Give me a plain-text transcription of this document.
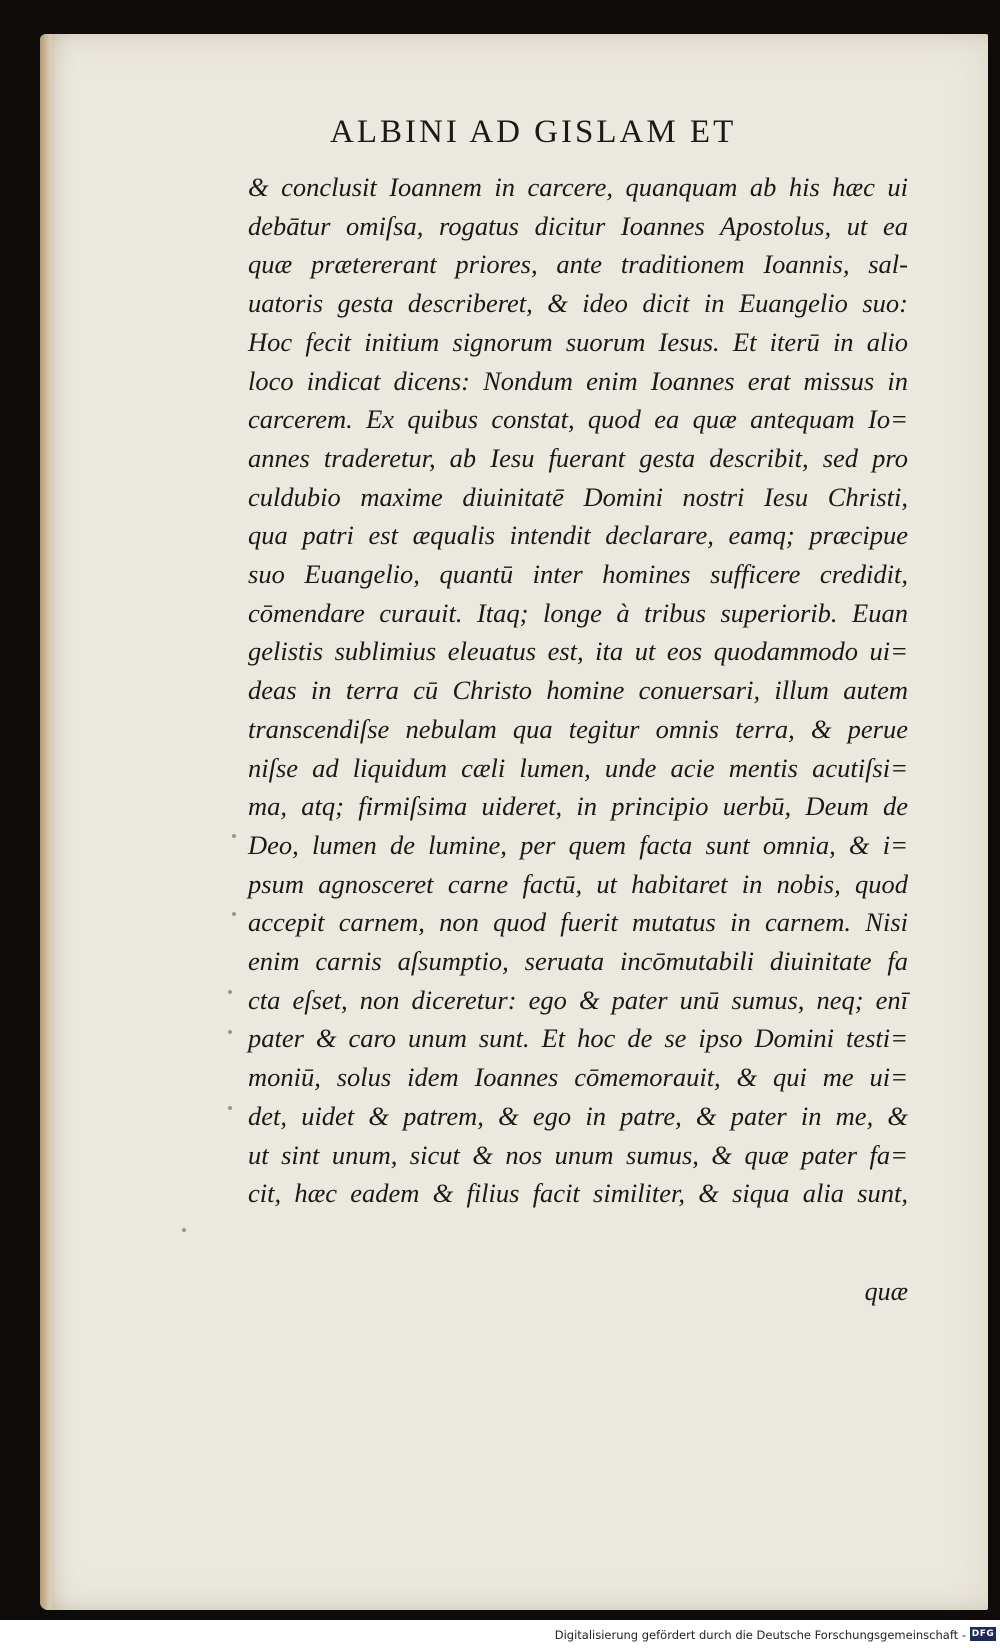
ALBINI AD GISLAM ET
& conclusit Ioannem in carcere, quanquam ab his hæc ui
debātur omiſsa, rogatus dicitur Ioannes Apostolus, ut ea
quæ prætererant priores, ante traditionem Ioannis, sal-
uatoris gesta describeret, & ideo dicit in Euangelio suo:
Hoc fecit initium signorum suorum Iesus. Et iterū in alio
loco indicat dicens: Nondum enim Ioannes erat missus in
carcerem. Ex quibus constat, quod ea quæ antequam Io=
annes traderetur, ab Iesu fuerant gesta describit, sed pro
culdubio maxime diuinitatē Domini nostri Iesu Christi,
qua patri est æqualis intendit declarare, eamq; præcipue
suo Euangelio, quantū inter homines sufficere credidit,
cōmendare curauit. Itaq; longe à tribus superiorib. Euan
gelistis sublimius eleuatus est, ita ut eos quodammodo ui=
deas in terra cū Christo homine conuersari, illum autem
transcendiſse nebulam qua tegitur omnis terra, & perue
niſse ad liquidum cæli lumen, unde acie mentis acutiſsi=
ma, atq; firmiſsima uideret, in principio uerbū, Deum de
Deo, lumen de lumine, per quem facta sunt omnia, & i=
psum agnosceret carne factū, ut habitaret in nobis, quod
accepit carnem, non quod fuerit mutatus in carnem. Nisi
enim carnis aſsumptio, seruata incōmutabili diuinitate fa
cta eſset, non diceretur: ego & pater unū sumus, neq; enī
pater & caro unum sunt. Et hoc de se ipso Domini testi=
moniū, solus idem Ioannes cōmemorauit, & qui me ui=
det, uidet & patrem, & ego in patre, & pater in me, &
ut sint unum, sicut & nos unum sumus, & quæ pater fa=
cit, hæc eadem & filius facit similiter, & siqua alia sunt,
quæ
Digitalisierung gefördert durch die Deutsche Forschungsgemeinschaft - DFG
